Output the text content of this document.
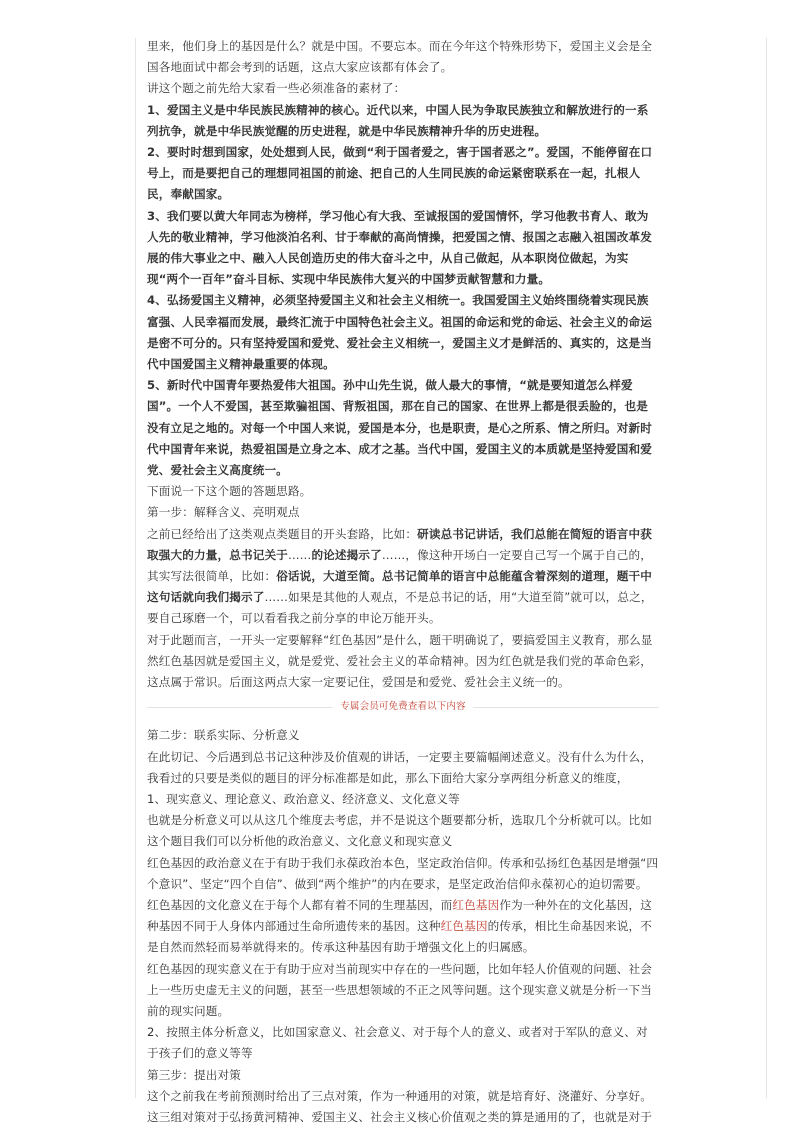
里来，他们身上的基因是什么？就是中国。不要忘本。而在今年这个特殊形势下，爱国主义会是全国各地面试中都会考到的话题，这点大家应该都有体会了。

讲这个题之前先给大家看一些必须准备的素材了：

1、爱国主义是中华民族民族精神的核心。近代以来，中国人民为争取民族独立和解放进行的一系列抗争，就是中华民族觉醒的历史进程，就是中华民族精神升华的历史进程。

2、要时时想到国家，处处想到人民，做到“利于国者爱之，害于国者恶之”。爱国，不能停留在口号上，而是要把自己的理想同祖国的前途、把自己的人生同民族的命运紧密联系在一起，扎根人民，奉献国家。

3、我们要以黄大年同志为榜样，学习他心有大我、至诚报国的爱国情怀，学习他教书育人、敢为人先的敬业精神，学习他淡泊名利、甘于奉献的高尚情操，把爱国之情、报国之志融入祖国改革发展的伟大事业之中、融入人民创造历史的伟大奋斗之中，从自己做起，从本职岗位做起，为实现“两个一百年”奋斗目标、实现中华民族伟大复兴的中国梦贡献智慧和力量。

4、弘扬爱国主义精神，必须坚持爱国主义和社会主义相统一。我国爱国主义始终围绕着实现民族富强、人民幸福而发展，最终汇流于中国特色社会主义。祖国的命运和党的命运、社会主义的命运是密不可分的。只有坚持爱国和爱党、爱社会主义相统一，爱国主义才是鲜活的、真实的，这是当代中国爱国主义精神最重要的体现。

5、新时代中国青年要热爱伟大祖国。孙中山先生说，做人最大的事情，“就是要知道怎么样爱国”。一个人不爱国，甚至欺骗祖国、背叛祖国，那在自己的国家、在世界上都是很丢脸的，也是没有立足之地的。对每一个中国人来说，爱国是本分，也是职责，是心之所系、情之所归。对新时代中国青年来说，热爱祖国是立身之本、成才之基。当代中国，爱国主义的本质就是坚持爱国和爱党、爱社会主义高度统一。

下面说一下这个题的答题思路。

第一步：解释含义、亮明观点

之前已经给出了这类观点类题目的开头套路，比如：研读总书记讲话，我们总能在简短的语言中获取强大的力量，总书记关于……的论述揭示了……，像这种开场白一定要自己写一个属于自己的，其实写法很简单，比如：俗话说，大道至简。总书记简单的语言中总能蕴含着深刻的道理，题干中这句话就向我们揭示了……如果是其他的人观点，不是总书记的话，用“大道至简”就可以，总之，要自己琢磨一个，可以看看我之前分享的申论万能开头。

对于此题而言，一开头一定要解释“红色基因”是什么，题干明确说了，要搞爱国主义教育，那么显然红色基因就是爱国主义，就是爱党、爱社会主义的革命精神。因为红色就是我们党的革命色彩，这点属于常识。后面这两点大家一定要记住，爱国是和爱党、爱社会主义统一的。

专属会员可免费查看以下内容

第二步：联系实际、分析意义

在此切记、今后遇到总书记这种涉及价值观的讲话，一定要主要篇幅阐述意义。没有什么为什么，我看过的只要是类似的题目的评分标准都是如此，那么下面给大家分享两组分析意义的维度，

1、现实意义、理论意义、政治意义、经济意义、文化意义等

也就是分析意义可以从这几个维度去考虑，并不是说这个题要都分析，选取几个分析就可以。比如这个题目我们可以分析他的政治意义、文化意义和现实意义

红色基因的政治意义在于有助于我们永葆政治本色，坚定政治信仰。传承和弘扬红色基因是增强“四个意识”、坚定“四个自信”、做到“两个维护”的内在要求，是坚定政治信仰永葆初心的迫切需要。

红色基因的文化意义在于每个人都有着不同的生理基因，而红色基因作为一种外在的文化基因，这种基因不同于人身体内部通过生命所遗传来的基因。这种红色基因的传承，相比生命基因来说，不是自然而然轻而易举就得来的。传承这种基因有助于增强文化上的归属感。

红色基因的现实意义在于有助于应对当前现实中存在的一些问题，比如年轻人价值观的问题、社会上一些历史虚无主义的问题，甚至一些思想领域的不正之风等问题。这个现实意义就是分析一下当前的现实问题。

2、按照主体分析意义，比如国家意义、社会意义、对于每个人的意义、或者对于军队的意义、对于孩子们的意义等等

第三步：提出对策

这个之前我在考前预测时给出了三点对策，作为一种通用的对策，就是培育好、浇灌好、分享好。

这三组对策对于弘扬黄河精神、爱国主义、社会主义核心价值观之类的算是通用的了，也就是对于
